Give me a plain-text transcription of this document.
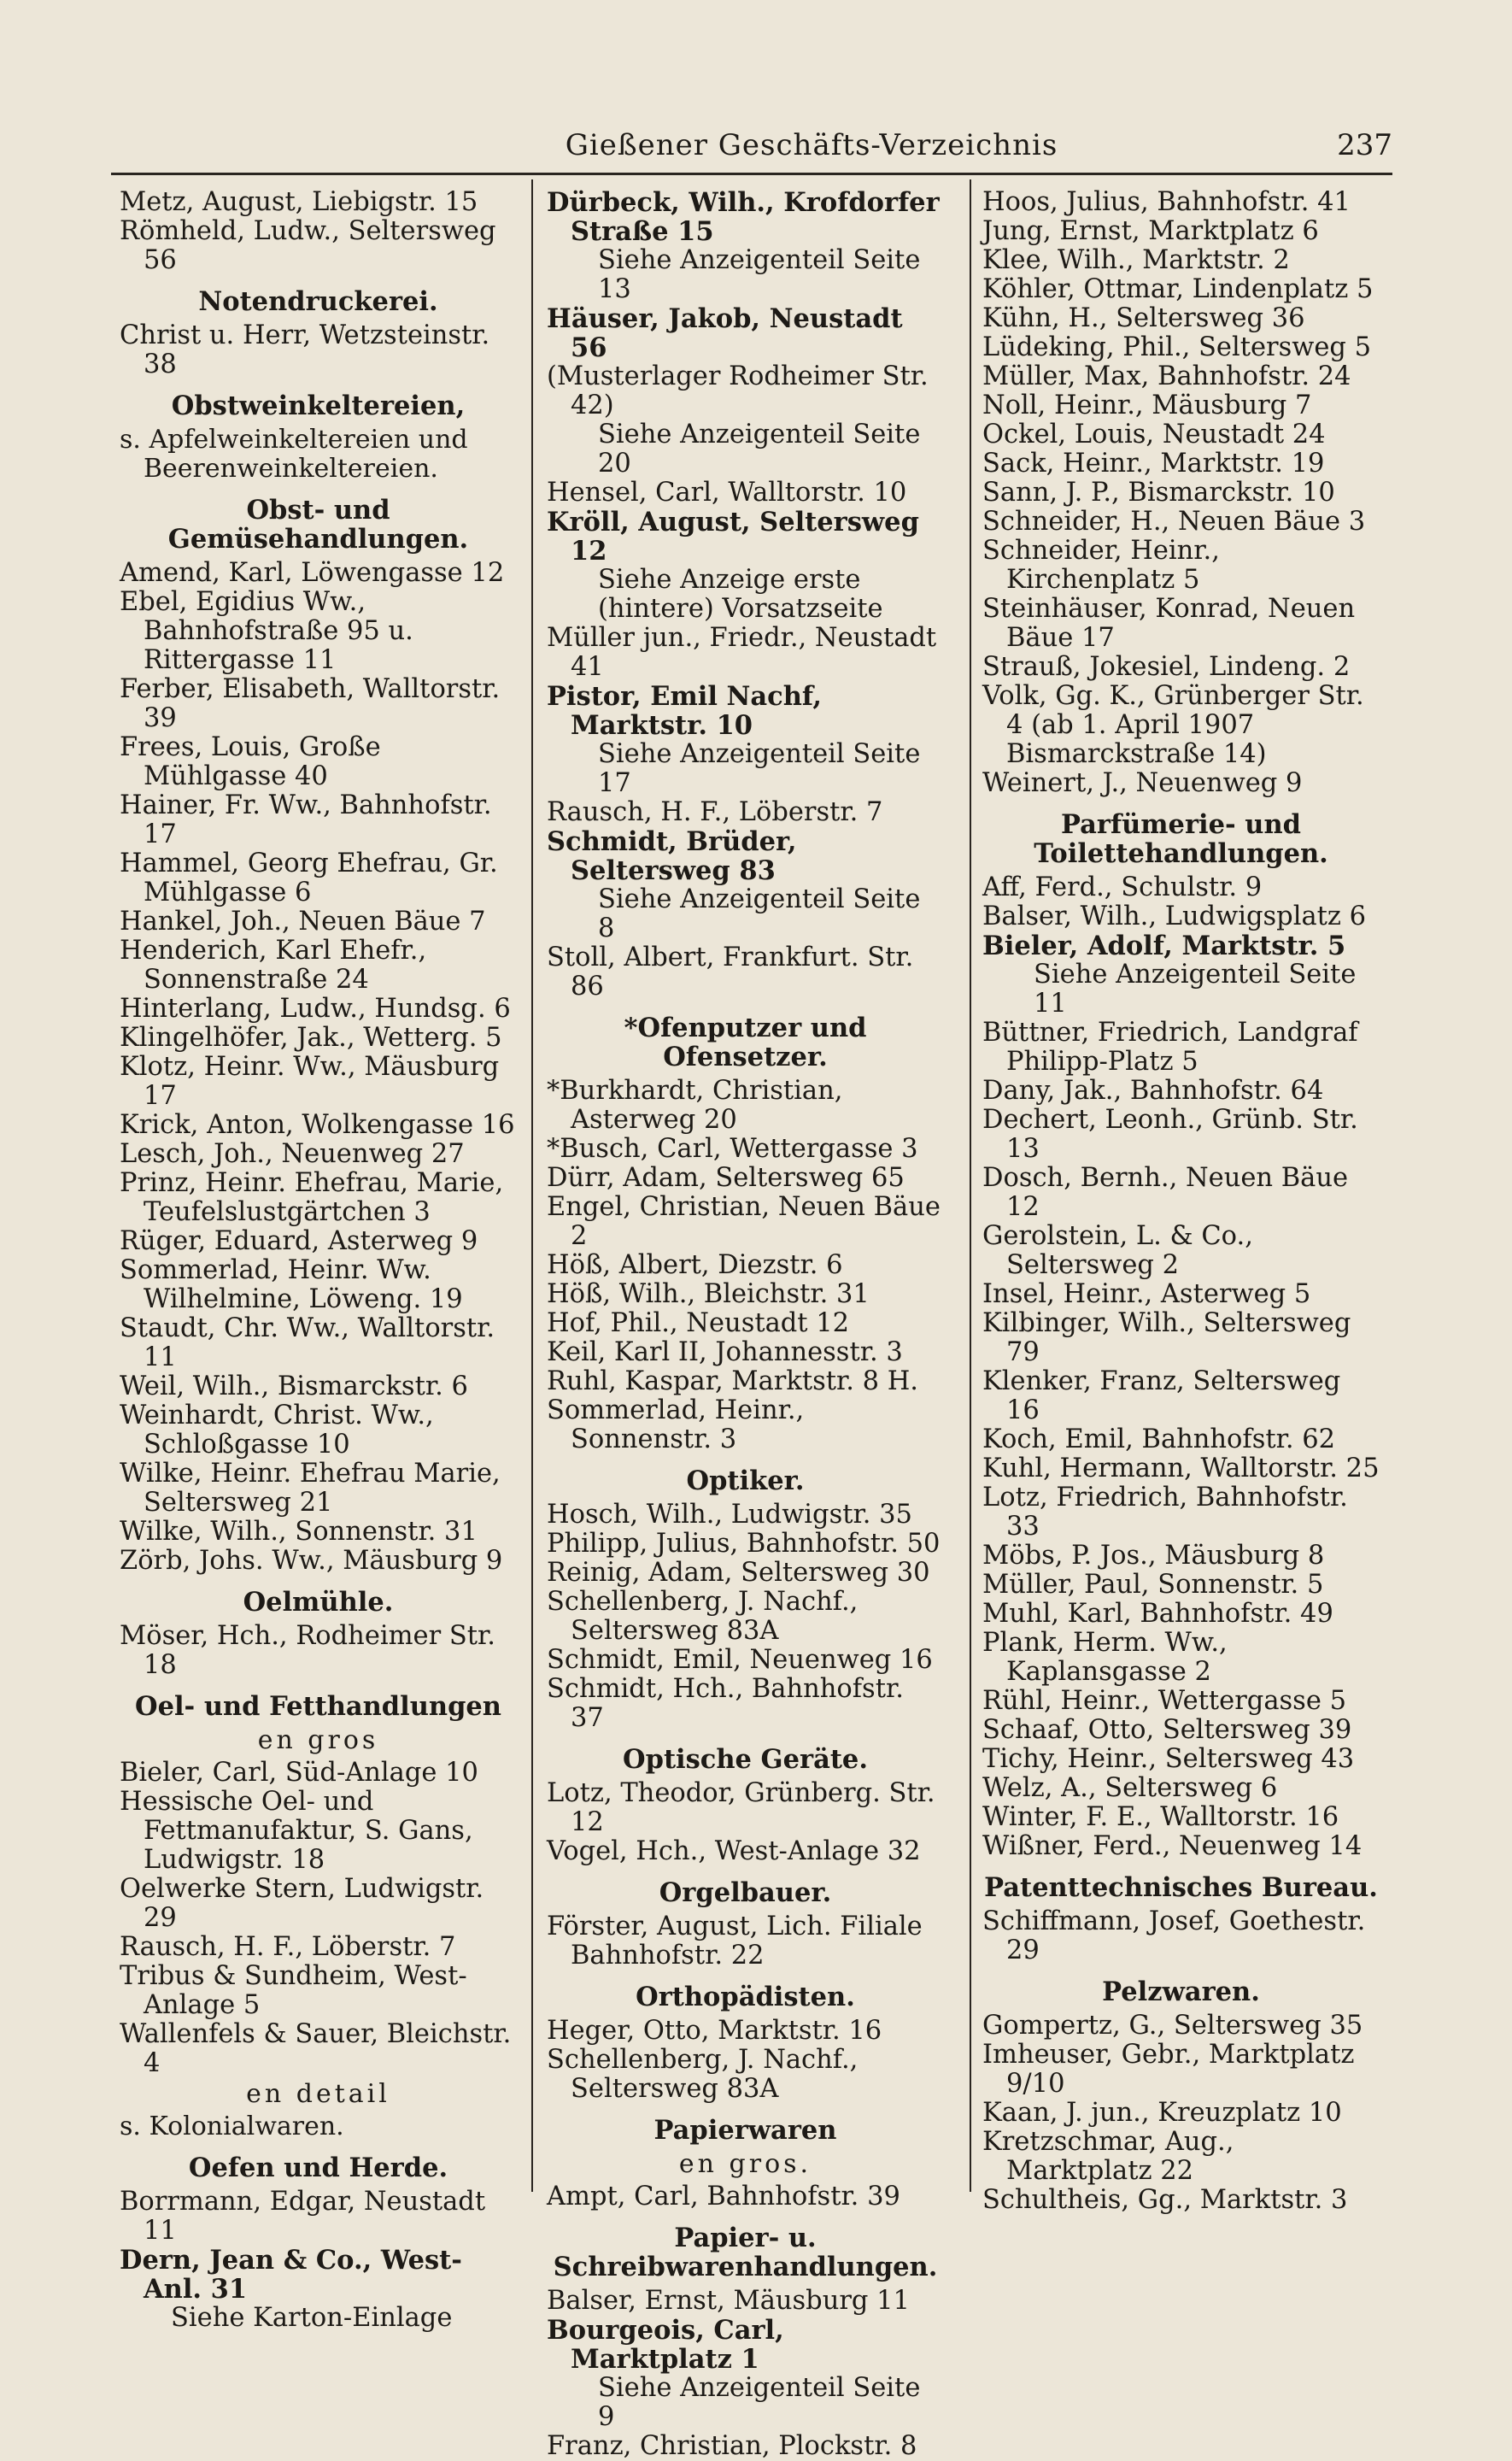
Gießener Geschäfts-Verzeichnis	237

Metz, August, Liebigstr. 15

Römheld, Ludw., Seltersweg 56

Notendruckerei.

Christ u. Herr, Wetzsteinstr. 38

Obstweinkeltereien,

s. Apfelweinkeltereien und Beerenweinkeltereien.

Obst- und Gemüsehandlungen.

Amend, Karl, Löwengasse 12

Ebel, Egidius Ww., Bahnhofstraße 95 u. Rittergasse 11

Ferber, Elisabeth, Walltorstr. 39

Frees, Louis, Große Mühlgasse 40

Hainer, Fr. Ww., Bahnhofstr. 17

Hammel, Georg Ehefrau, Gr. Mühlgasse 6

Hankel, Joh., Neuen Bäue 7

Henderich, Karl Ehefr., Sonnenstraße 24

Hinterlang, Ludw., Hundsg. 6

Klingelhöfer, Jak., Wetterg. 5

Klotz, Heinr. Ww., Mäusburg 17

Krick, Anton, Wolkengasse 16

Lesch, Joh., Neuenweg 27

Prinz, Heinr. Ehefrau, Marie, Teufelslustgärtchen 3

Rüger, Eduard, Asterweg 9

Sommerlad, Heinr. Ww. Wilhelmine, Löweng. 19

Staudt, Chr. Ww., Walltorstr. 11

Weil, Wilh., Bismarckstr. 6

Weinhardt, Christ. Ww., Schloßgasse 10

Wilke, Heinr. Ehefrau Marie, Seltersweg 21

Wilke, Wilh., Sonnenstr. 31

Zörb, Johs. Ww., Mäusburg 9

Oelmühle.

Möser, Hch., Rodheimer Str. 18

Oel- und Fetthandlungen

en gros

Bieler, Carl, Süd-Anlage 10

Hessische Oel- und Fettmanufaktur, S. Gans, Ludwigstr. 18

Oelwerke Stern, Ludwigstr. 29

Rausch, H. F., Löberstr. 7

Tribus & Sundheim, West-Anlage 5

Wallenfels & Sauer, Bleichstr. 4

en detail

s. Kolonialwaren.

Oefen und Herde.

Borrmann, Edgar, Neustadt 11

Dern, Jean & Co., West-Anl. 31

Siehe Karton-Einlage

Dürbeck, Wilh., Krofdorfer Straße 15

Siehe Anzeigenteil Seite 13

Häuser, Jakob, Neustadt 56

(Musterlager Rodheimer Str. 42)

Siehe Anzeigenteil Seite 20

Hensel, Carl, Walltorstr. 10

Kröll, August, Seltersweg 12

Siehe Anzeige erste (hintere) Vorsatzseite

Müller jun., Friedr., Neustadt 41

Pistor, Emil Nachf, Marktstr. 10

Siehe Anzeigenteil Seite 17

Rausch, H. F., Löberstr. 7

Schmidt, Brüder, Seltersweg 83

Siehe Anzeigenteil Seite 8

Stoll, Albert, Frankfurt. Str. 86

*Ofenputzer und Ofensetzer.

*Burkhardt, Christian, Asterweg 20

*Busch, Carl, Wettergasse 3

Dürr, Adam, Seltersweg 65

Engel, Christian, Neuen Bäue 2

Höß, Albert, Diezstr. 6

Höß, Wilh., Bleichstr. 31

Hof, Phil., Neustadt 12

Keil, Karl II, Johannesstr. 3

Ruhl, Kaspar, Marktstr. 8 H.

Sommerlad, Heinr., Sonnenstr. 3

Optiker.

Hosch, Wilh., Ludwigstr. 35

Philipp, Julius, Bahnhofstr. 50

Reinig, Adam, Seltersweg 30

Schellenberg, J. Nachf., Seltersweg 83A

Schmidt, Emil, Neuenweg 16

Schmidt, Hch., Bahnhofstr. 37

Optische Geräte.

Lotz, Theodor, Grünberg. Str. 12

Vogel, Hch., West-Anlage 32

Orgelbauer.

Förster, August, Lich. Filiale Bahnhofstr. 22

Orthopädisten.

Heger, Otto, Marktstr. 16

Schellenberg, J. Nachf., Seltersweg 83A

Papierwaren

en gros.

Ampt, Carl, Bahnhofstr. 39

Papier- u. Schreibwarenhandlungen.

Balser, Ernst, Mäusburg 11

Bourgeois, Carl, Marktplatz 1

Siehe Anzeigenteil Seite 9

Franz, Christian, Plockstr. 8

Hoos, Julius, Bahnhofstr. 41

Jung, Ernst, Marktplatz 6

Klee, Wilh., Marktstr. 2

Köhler, Ottmar, Lindenplatz 5

Kühn, H., Seltersweg 36

Lüdeking, Phil., Seltersweg 5

Müller, Max, Bahnhofstr. 24

Noll, Heinr., Mäusburg 7

Ockel, Louis, Neustadt 24

Sack, Heinr., Marktstr. 19

Sann, J. P., Bismarckstr. 10

Schneider, H., Neuen Bäue 3

Schneider, Heinr., Kirchenplatz 5

Steinhäuser, Konrad, Neuen Bäue 17

Strauß, Jokesiel, Lindeng. 2

Volk, Gg. K., Grünberger Str. 4 (ab 1. April 1907 Bismarckstraße 14)

Weinert, J., Neuenweg 9

Parfümerie- und Toilettehandlungen.

Aff, Ferd., Schulstr. 9

Balser, Wilh., Ludwigsplatz 6

Bieler, Adolf, Marktstr. 5

Siehe Anzeigenteil Seite 11

Büttner, Friedrich, Landgraf Philipp-Platz 5

Dany, Jak., Bahnhofstr. 64

Dechert, Leonh., Grünb. Str. 13

Dosch, Bernh., Neuen Bäue 12

Gerolstein, L. & Co., Seltersweg 2

Insel, Heinr., Asterweg 5

Kilbinger, Wilh., Seltersweg 79

Klenker, Franz, Seltersweg 16

Koch, Emil, Bahnhofstr. 62

Kuhl, Hermann, Walltorstr. 25

Lotz, Friedrich, Bahnhofstr. 33

Möbs, P. Jos., Mäusburg 8

Müller, Paul, Sonnenstr. 5

Muhl, Karl, Bahnhofstr. 49

Plank, Herm. Ww., Kaplansgasse 2

Rühl, Heinr., Wettergasse 5

Schaaf, Otto, Seltersweg 39

Tichy, Heinr., Seltersweg 43

Welz, A., Seltersweg 6

Winter, F. E., Walltorstr. 16

Wißner, Ferd., Neuenweg 14

Patenttechnisches Bureau.

Schiffmann, Josef, Goethestr. 29

Pelzwaren.

Gompertz, G., Seltersweg 35

Imheuser, Gebr., Marktplatz 9/10

Kaan, J. jun., Kreuzplatz 10

Kretzschmar, Aug., Marktplatz 22

Schultheis, Gg., Marktstr. 3
